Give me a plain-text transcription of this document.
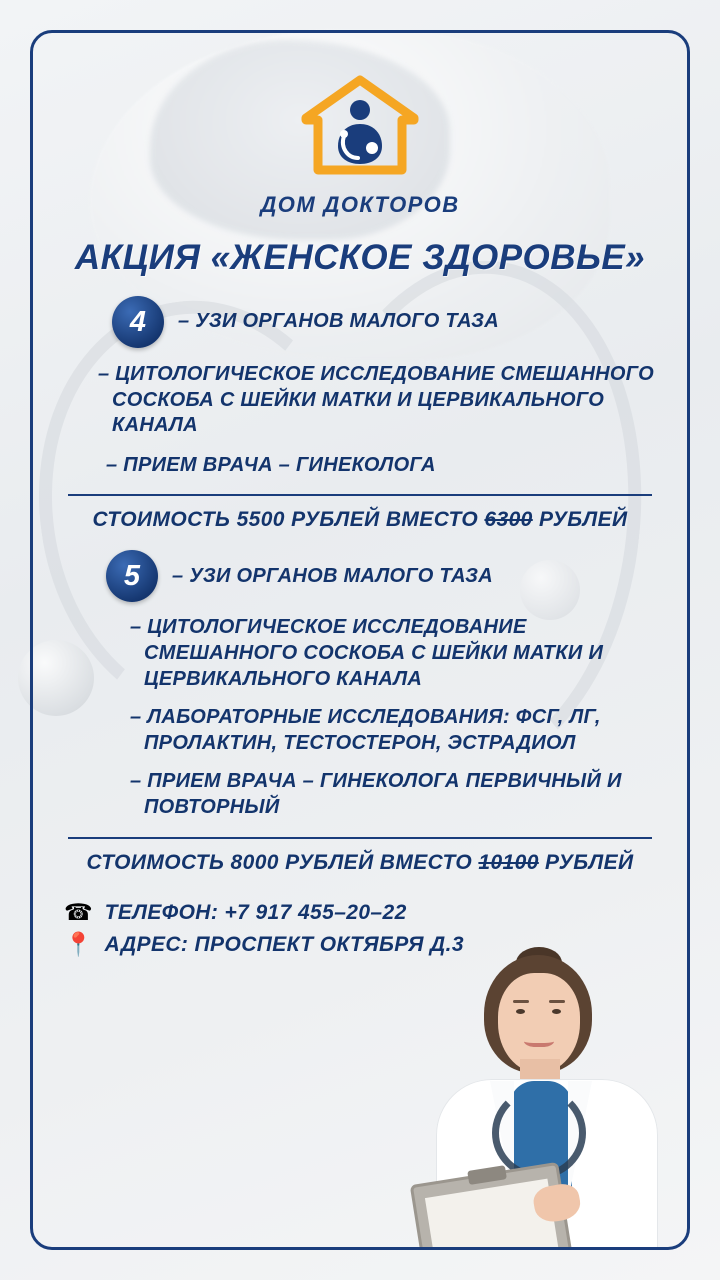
ДОМ ДОКТОРОВ
АКЦИЯ «ЖЕНСКОЕ ЗДОРОВЬЕ»
4	– УЗИ ОРГАНОВ МАЛОГО ТАЗА
– ЦИТОЛОГИЧЕСКОЕ ИССЛЕДОВАНИЕ СМЕШАННОГО СОСКОБА С ШЕЙКИ МАТКИ И ЦЕРВИКАЛЬНОГО КАНАЛА
– ПРИЕМ ВРАЧА – ГИНЕКОЛОГА
СТОИМОСТЬ 5500 РУБЛЕЙ ВМЕСТО 6300 РУБЛЕЙ
5	– УЗИ ОРГАНОВ МАЛОГО ТАЗА
– ЦИТОЛОГИЧЕСКОЕ ИССЛЕДОВАНИЕ СМЕШАННОГО СОСКОБА С ШЕЙКИ МАТКИ И ЦЕРВИКАЛЬНОГО КАНАЛА
– ЛАБОРАТОРНЫЕ ИССЛЕДОВАНИЯ: ФСГ, ЛГ, ПРОЛАКТИН, ТЕСТОСТЕРОН, ЭСТРАДИОЛ
– ПРИЕМ ВРАЧА – ГИНЕКОЛОГА ПЕРВИЧНЫЙ И ПОВТОРНЫЙ
СТОИМОСТЬ 8000 РУБЛЕЙ ВМЕСТО 10100 РУБЛЕЙ
☎ ТЕЛЕФОН: +7 917 455–20–22
📍 АДРЕС: ПРОСПЕКТ ОКТЯБРЯ Д.3
